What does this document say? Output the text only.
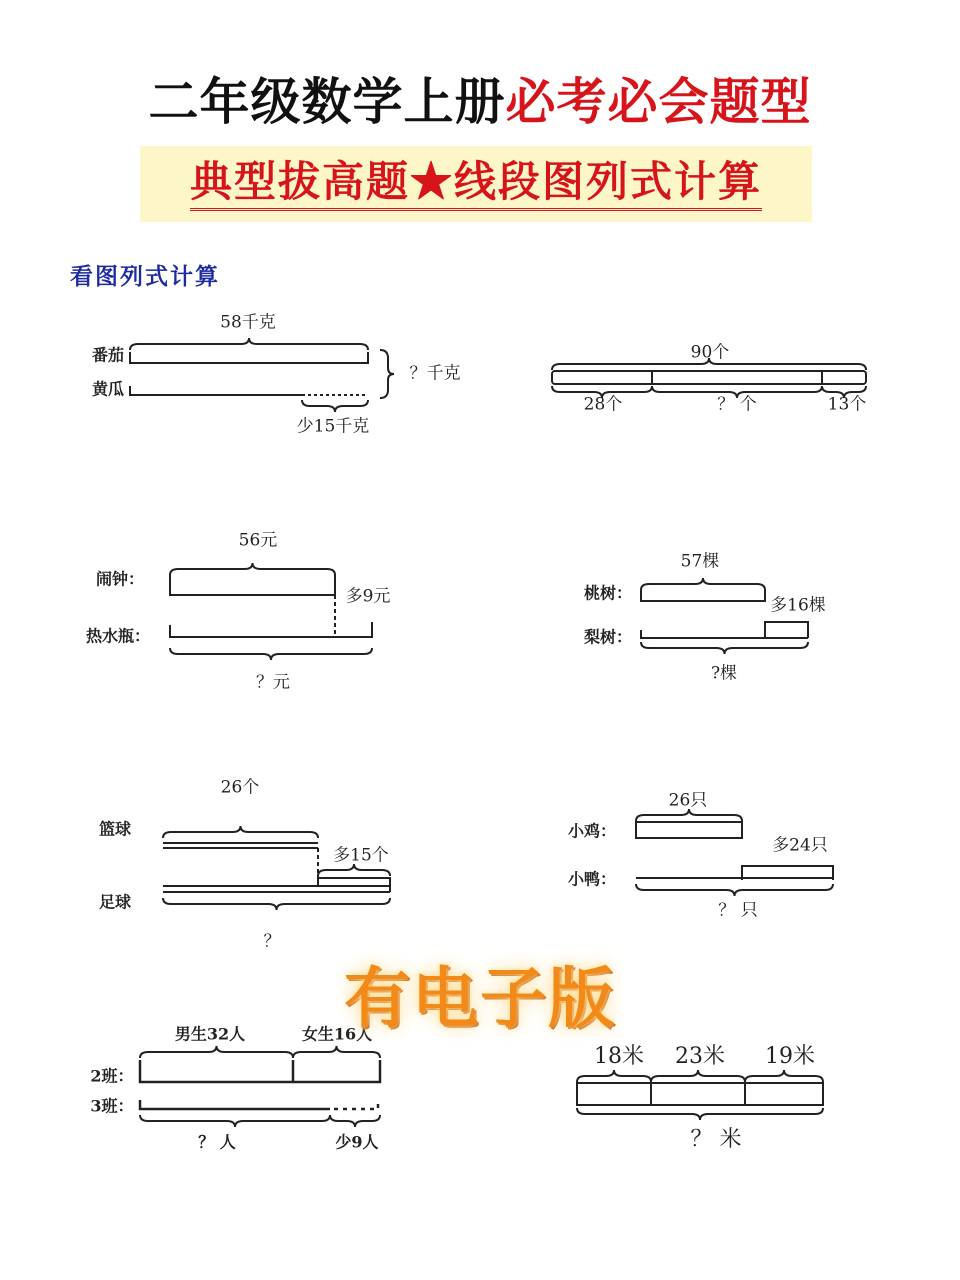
二年级数学上册必考必会题型
典型拔高题★线段图列式计算
看图列式计算
番茄
黄瓜
58千克
少15千克
？千克
90个
28个	？ 个	13个
闹钟：
热水瓶：
56元
多9元
？元
桃树：
梨树：
57棵
多16棵
?棵
篮球
足球
26个
多15个
？
小鸡：
小鸭：
26只
多24只
？ 只
2班：
3班：
男生32人	女生16人
？ 人	少9人
18米 23米 19米
？ 米
有电子版
